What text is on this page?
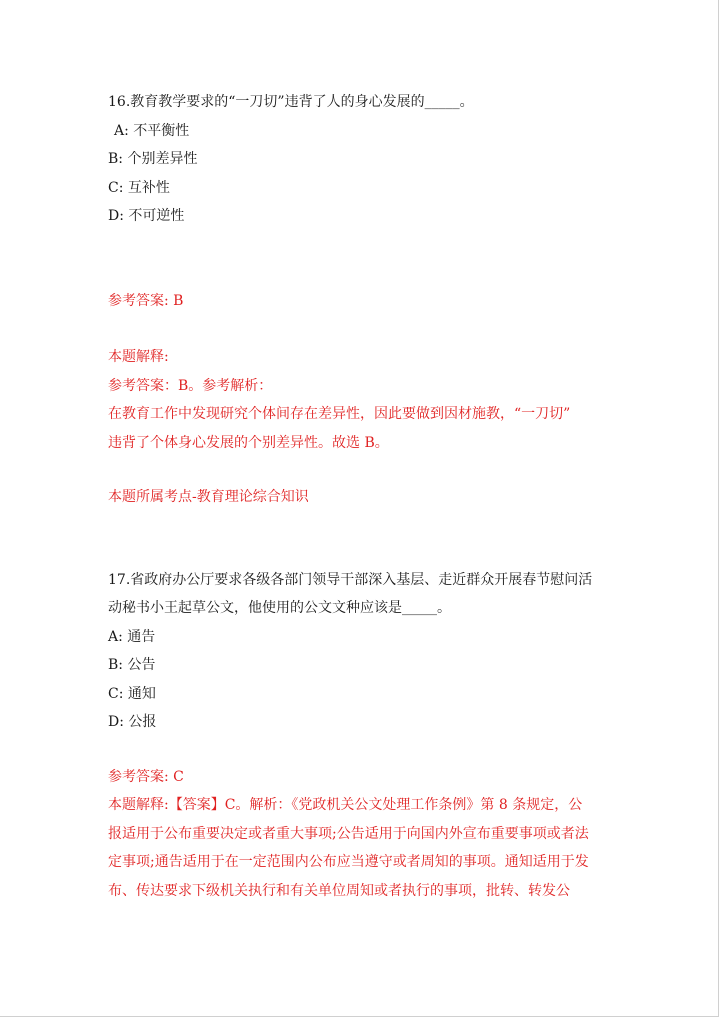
16.教育教学要求的“一刀切”违背了人的身心发展的_____。
A: 不平衡性
B: 个别差异性
C: 互补性
D: 不可逆性
参考答案: B
本题解释:
参考答案：B。参考解析：
在教育工作中发现研究个体间存在差异性，因此要做到因材施教，“一刀切”
违背了个体身心发展的个别差异性。故选 B。
本题所属考点-教育理论综合知识
17.省政府办公厅要求各级各部门领导干部深入基层、走近群众开展春节慰问活
动秘书小王起草公文，他使用的公文文种应该是_____。
A: 通告
B: 公告
C: 通知
D: 公报
参考答案: C
本题解释:【答案】C。解析：《党政机关公文处理工作条例》第 8 条规定，公
报适用于公布重要决定或者重大事项;公告适用于向国内外宣布重要事项或者法
定事项;通告适用于在一定范围内公布应当遵守或者周知的事项。通知适用于发
布、传达要求下级机关执行和有关单位周知或者执行的事项，批转、转发公
